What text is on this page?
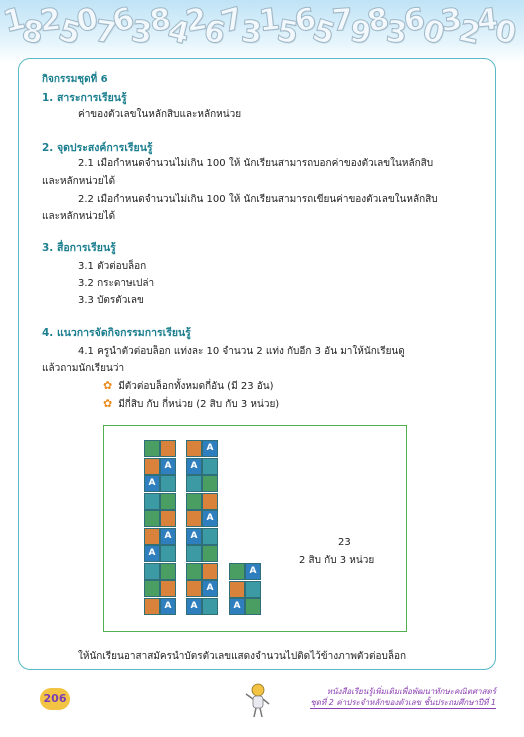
1
8
2
5
0
7
6
3
8
4
2
6
7
3
1
5
6
5
7
9
8
3
6
0
3
2
4
0
กิจกรรมชุดที่ 6
1. สาระการเรียนรู้
ค่าของตัวเลขในหลักสิบและหลักหน่วย
2. จุดประสงค์การเรียนรู้
2.1 เมื่อกำหนดจำนวนไม่เกิน 100 ให้ นักเรียนสามารถบอกค่าของตัวเลขในหลักสิบ
และหลักหน่วยได้
2.2 เมื่อกำหนดจำนวนไม่เกิน 100 ให้ นักเรียนสามารถเขียนค่าของตัวเลขในหลักสิบ
และหลักหน่วยได้
3. สื่อการเรียนรู้
3.1 ตัวต่อบล็อก
3.2 กระดาษเปล่า
3.3 บัตรตัวเลข
4. แนวการจัดกิจกรรมการเรียนรู้
4.1 ครูนำตัวต่อบล็อก แท่งละ 10 จำนวน 2 แท่ง กับอีก 3 อัน มาให้นักเรียนดู
แล้วถามนักเรียนว่า
✿ มีตัวต่อบล็อกทั้งหมดกี่อัน (มี 23 อัน)
✿ มีกี่สิบ กับ กี่หน่วย (2 สิบ กับ 3 หน่วย)
23
2 สิบ กับ 3 หน่วย
A
A
A
A
A
A
A
A
A
A
A
A
A
ให้นักเรียนอาสาสมัครนำบัตรตัวเลขแสดงจำนวนไปติดไว้ข้างภาพตัวต่อบล็อก
206
หนังสือเรียนรู้เพิ่มเติมเพื่อพัฒนาทักษะคณิตศาสตร์
ชุดที่ 2 ค่าประจำหลักของตัวเลข ชั้นประถมศึกษาปีที่ 1
